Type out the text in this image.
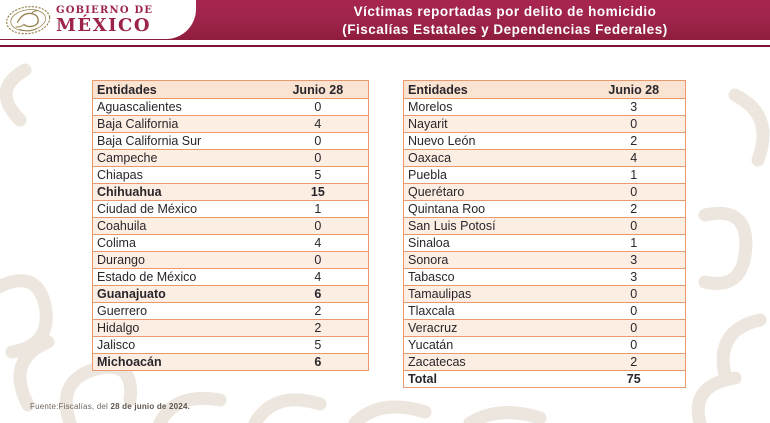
GOBIERNO DE
MÉXICO
Víctimas reportadas por delito de homicidio
(Fiscalías Estatales y Dependencias Federales)
Entidades	Junio 28
Aguascalientes	0
Baja California	4
Baja California Sur	0
Campeche	0
Chiapas	5
Chihuahua	15
Ciudad de México	1
Coahuila	0
Colima	4
Durango	0
Estado de México	4
Guanajuato	6
Guerrero	2
Hidalgo	2
Jalisco	5
Michoacán	6
Entidades	Junio 28
Morelos	3
Nayarit	0
Nuevo León	2
Oaxaca	4
Puebla	1
Querétaro	0
Quintana Roo	2
San Luis Potosí	0
Sinaloa	1
Sonora	3
Tabasco	3
Tamaulipas	0
Tlaxcala	0
Veracruz	0
Yucatán	0
Zacatecas	2
Total	75
Fuente:Fiscalías, del 28 de junio de 2024.
